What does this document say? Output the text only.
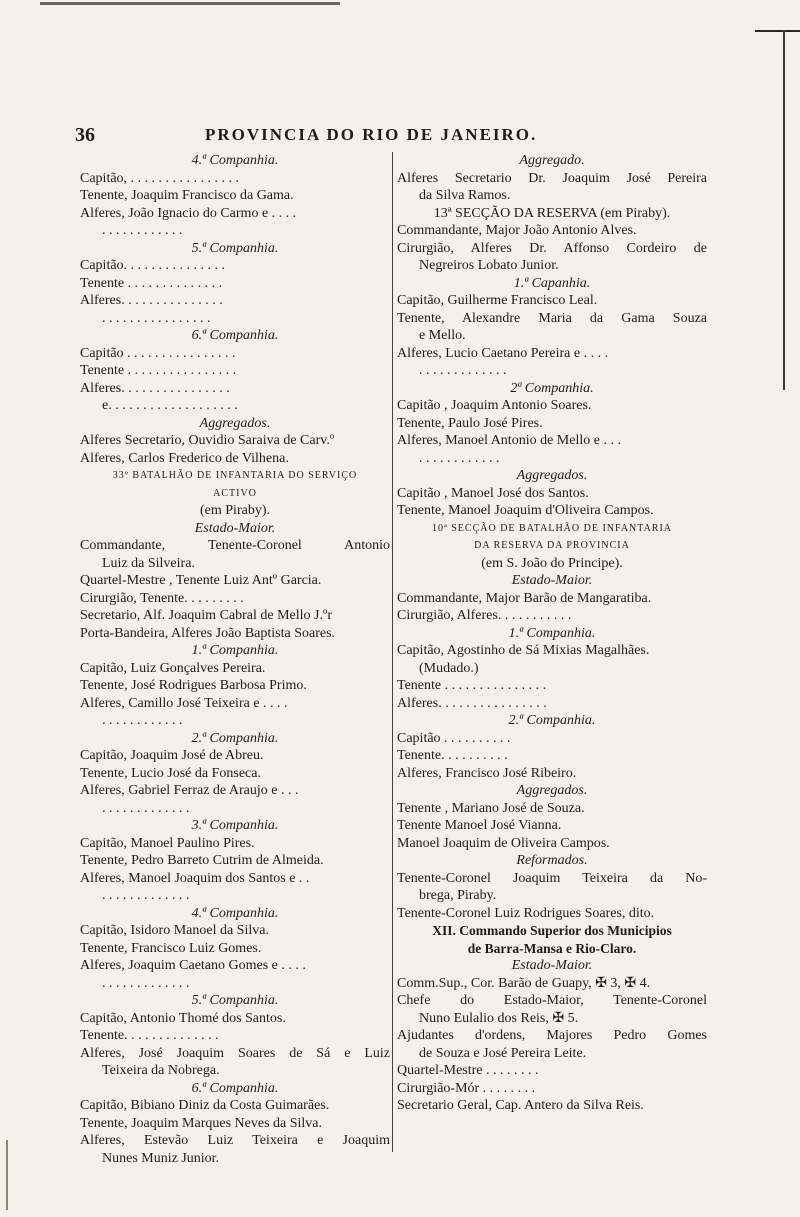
36	PROVINCIA DO RIO DE JANEIRO.
4.ª Companhia.
Capitão, . . . . . . . . . . . . . . . .
Tenente, Joaquim Francisco da Gama.
Alferes, João Ignacio do Carmo e . . . .
. . . . . . . . . . . .
5.ª Companhia.
Capitão. . . . . . . . . . . . . . .
Tenente . . . . . . . . . . . . . .
Alferes. . . . . . . . . . . . . . .
. . . . . . . . . . . . . . . .
6.ª Companhia.
Capitão . . . . . . . . . . . . . . . .
Tenente . . . . . . . . . . . . . . . .
Alferes. . . . . . . . . . . . . . . .
e. . . . . . . . . . . . . . . . . . .
Aggregados.
Alferes Secretario, Ouvidio Saraiva de Carv.º
Alferes, Carlos Frederico de Vilhena.
33º BATALHÃO DE INFANTARIA DO SERVIÇO
ACTIVO
(em Piraby).
Estado-Maior.
Commandante, Tenente-Coronel Antonio
Luiz da Silveira.
Quartel-Mestre , Tenente Luiz Antº Garcia.
Cirurgião, Tenente. . . . . . . . .
Secretario, Alf. Joaquim Cabral de Mello J.ºr
Porta-Bandeira, Alferes João Baptista Soares.
1.ª Companhia.
Capitão, Luiz Gonçalves Pereira.
Tenente, José Rodrigues Barbosa Primo.
Alferes, Camillo José Teixeira e . . . .
. . . . . . . . . . . .
2.ª Companhia.
Capitão, Joaquim José de Abreu.
Tenente, Lucio José da Fonseca.
Alferes, Gabriel Ferraz de Araujo e . . .
. . . . . . . . . . . . .
3.ª Companhia.
Capitão, Manoel Paulino Pires.
Tenente, Pedro Barreto Cutrim de Almeida.
Alferes, Manoel Joaquim dos Santos e . .
. . . . . . . . . . . . .
4.ª Companhia.
Capitão, Isidoro Manoel da Silva.
Tenente, Francisco Luiz Gomes.
Alferes, Joaquim Caetano Gomes e . . . .
. . . . . . . . . . . . .
5.ª Companhia.
Capitão, Antonio Thomé dos Santos.
Tenente. . . . . . . . . . . . . .
Alferes, José Joaquim Soares de Sá e Luiz
Teixeira da Nobrega.
6.ª Companhia.
Capitão, Bibiano Diniz da Costa Guimarães.
Tenente, Joaquim Marques Neves da Silva.
Alferes, Estevão Luiz Teixeira e Joaquim
Nunes Muniz Junior.
Aggregado.
Alferes Secretario Dr. Joaquim José Pereira
da Silva Ramos.
13ª SECÇÃO DA RESERVA (em Piraby).
Commandante, Major João Antonio Alves.
Cirurgião, Alferes Dr. Affonso Cordeiro de
Negreiros Lobato Junior.
1.ª Capanhia.
Capitão, Guilherme Francisco Leal.
Tenente, Alexandre Maria da Gama Souza
e Mello.
Alferes, Lucio Caetano Pereira e . . . .
. . . . . . . . . . . . .
2ª Companhia.
Capitão , Joaquim Antonio Soares.
Tenente, Paulo José Pires.
Alferes, Manoel Antonio de Mello e . . .
. . . . . . . . . . . .
Aggregados.
Capitão , Manoel José dos Santos.
Tenente, Manoel Joaquim d'Oliveira Campos.
10ª SECÇÃO DE BATALHÃO DE INFANTARIA
DA RESERVA DA PROVINCIA
(em S. João do Principe).
Estado-Maior.
Commandante, Major Barão de Mangaratiba.
Cirurgião, Alferes. . . . . . . . . . .
1.ª Companhia.
Capitão, Agostinho de Sá Mixias Magalhães.
(Mudado.)
Tenente . . . . . . . . . . . . . . .
Alferes. . . . . . . . . . . . . . . .
2.ª Companhia.
Capitão . . . . . . . . . .
Tenente. . . . . . . . . .
Alferes, Francisco José Ribeiro.
Aggregados.
Tenente , Mariano José de Souza.
Tenente Manoel José Vianna.
Manoel Joaquim de Oliveira Campos.
Reformados.
Tenente-Coronel Joaquim Teixeira da No-
brega, Piraby.
Tenente-Coronel Luiz Rodrigues Soares, dito.
XII. Commando Superior dos Municipios
de Barra-Mansa e Rio-Claro.
Estado-Maior.
Comm.Sup., Cor. Barão de Guapy, ✠ 3, ✠ 4.
Chefe do Estado-Maior, Tenente-Coronel
Nuno Eulalio dos Reis, ✠ 5.
Ajudantes d'ordens, Majores Pedro Gomes
de Souza e José Pereira Leite.
Quartel-Mestre . . . . . . . .
Cirurgião-Mór . . . . . . . .
Secretario Geral, Cap. Antero da Silva Reis.
